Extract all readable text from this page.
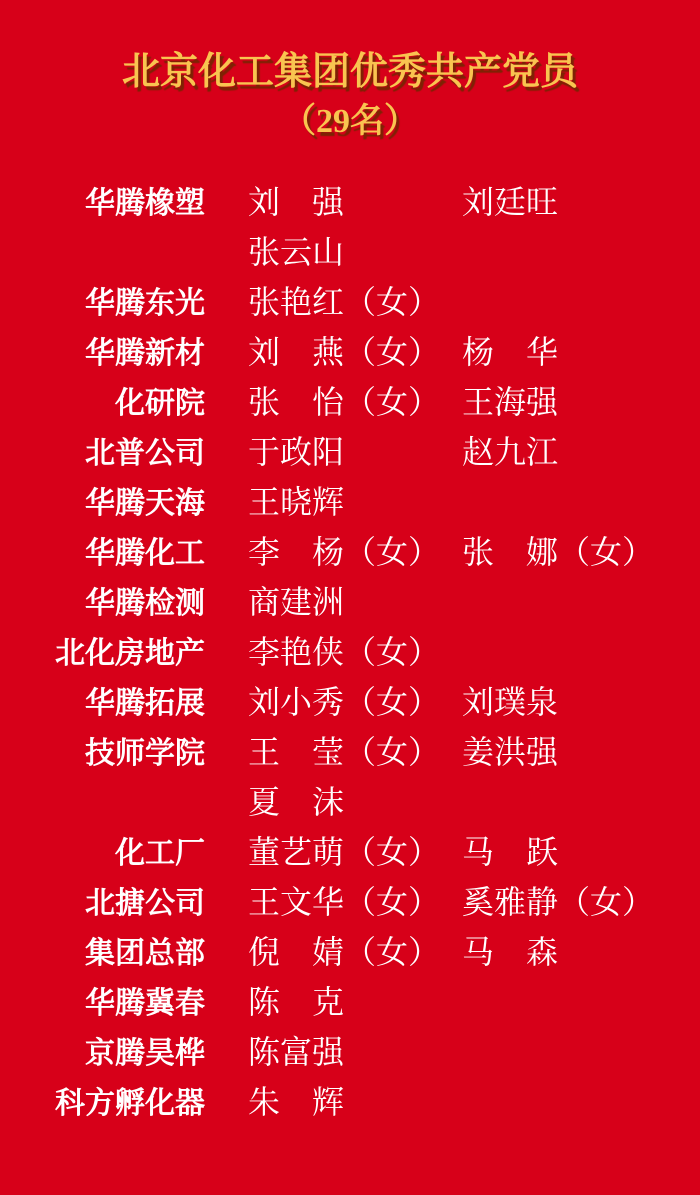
北京化工集团优秀共产党员
（29名）
华腾橡塑	刘　强	刘廷旺
张云山
华腾东光	张艳红（女）
华腾新材	刘　燕（女） 杨　华
化研院	张　怡（女） 王海强
北普公司	于政阳	赵九江
华腾天海	王晓辉
华腾化工	李　杨（女） 张　娜（女）
华腾检测	商建洲
北化房地产	李艳侠（女）
华腾拓展	刘小秀（女） 刘璞泉
技师学院	王　莹（女） 姜洪强
夏　沫
化工厂	董艺萌（女） 马　跃
北搪公司	王文华（女） 奚雅静（女）
集团总部	倪　婧（女） 马　森
华腾冀春	陈　克
京腾昊桦	陈富强
科方孵化器	朱　辉
